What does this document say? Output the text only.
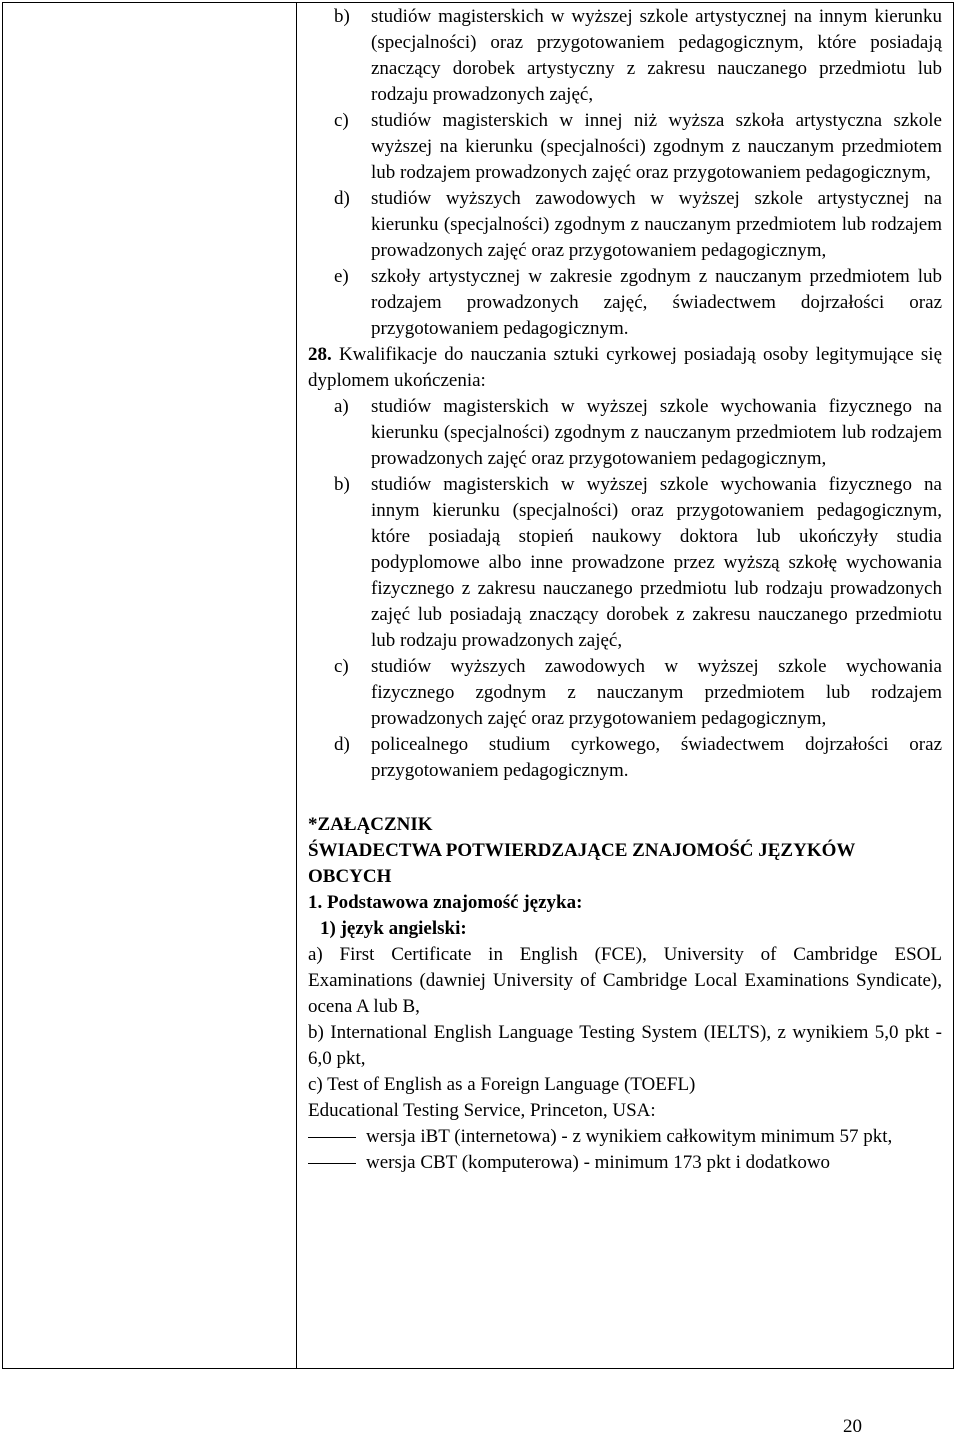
b) studiów magisterskich w wyższej szkole artystycznej na innym kierunku (specjalności) oraz przygotowaniem pedagogicznym, które posiadają znaczący dorobek artystyczny z zakresu nauczanego przedmiotu lub rodzaju prowadzonych zajęć,
c) studiów magisterskich w innej niż wyższa szkoła artystyczna szkole wyższej na kierunku (specjalności) zgodnym z nauczanym przedmiotem lub rodzajem prowadzonych zajęć oraz przygotowaniem pedagogicznym,
d) studiów wyższych zawodowych w wyższej szkole artystycznej na kierunku (specjalności) zgodnym z nauczanym przedmiotem lub rodzajem prowadzonych zajęć oraz przygotowaniem pedagogicznym,
e) szkoły artystycznej w zakresie zgodnym z nauczanym przedmiotem lub rodzajem prowadzonych zajęć, świadectwem dojrzałości oraz przygotowaniem pedagogicznym.
28. Kwalifikacje do nauczania sztuki cyrkowej posiadają osoby legitymujące się dyplomem ukończenia:
a) studiów magisterskich w wyższej szkole wychowania fizycznego na kierunku (specjalności) zgodnym z nauczanym przedmiotem lub rodzajem prowadzonych zajęć oraz przygotowaniem pedagogicznym,
b) studiów magisterskich w wyższej szkole wychowania fizycznego na innym kierunku (specjalności) oraz przygotowaniem pedagogicznym, które posiadają stopień naukowy doktora lub ukończyły studia podyplomowe albo inne prowadzone przez wyższą szkołę wychowania fizycznego z zakresu nauczanego przedmiotu lub rodzaju prowadzonych zajęć lub posiadają znaczący dorobek z zakresu nauczanego przedmiotu lub rodzaju prowadzonych zajęć,
c) studiów wyższych zawodowych w wyższej szkole wychowania fizycznego zgodnym z nauczanym przedmiotem lub rodzajem prowadzonych zajęć oraz przygotowaniem pedagogicznym,
d) policealnego studium cyrkowego, świadectwem dojrzałości oraz przygotowaniem pedagogicznym.
*ZAŁĄCZNIK
ŚWIADECTWA POTWIERDZAJĄCE ZNAJOMOŚĆ JĘZYKÓW OBCYCH
1. Podstawowa znajomość języka:
1) język angielski:
a) First Certificate in English (FCE), University of Cambridge ESOL Examinations (dawniej University of Cambridge Local Examinations Syndicate), ocena A lub B,
b) International English Language Testing System (IELTS), z wynikiem 5,0 pkt - 6,0 pkt,
c) Test of English as a Foreign Language (TOEFL)
Educational Testing Service, Princeton, USA:
wersja iBT (internetowa) - z wynikiem całkowitym minimum 57 pkt,
wersja CBT (komputerowa) - minimum 173 pkt i dodatkowo
20
